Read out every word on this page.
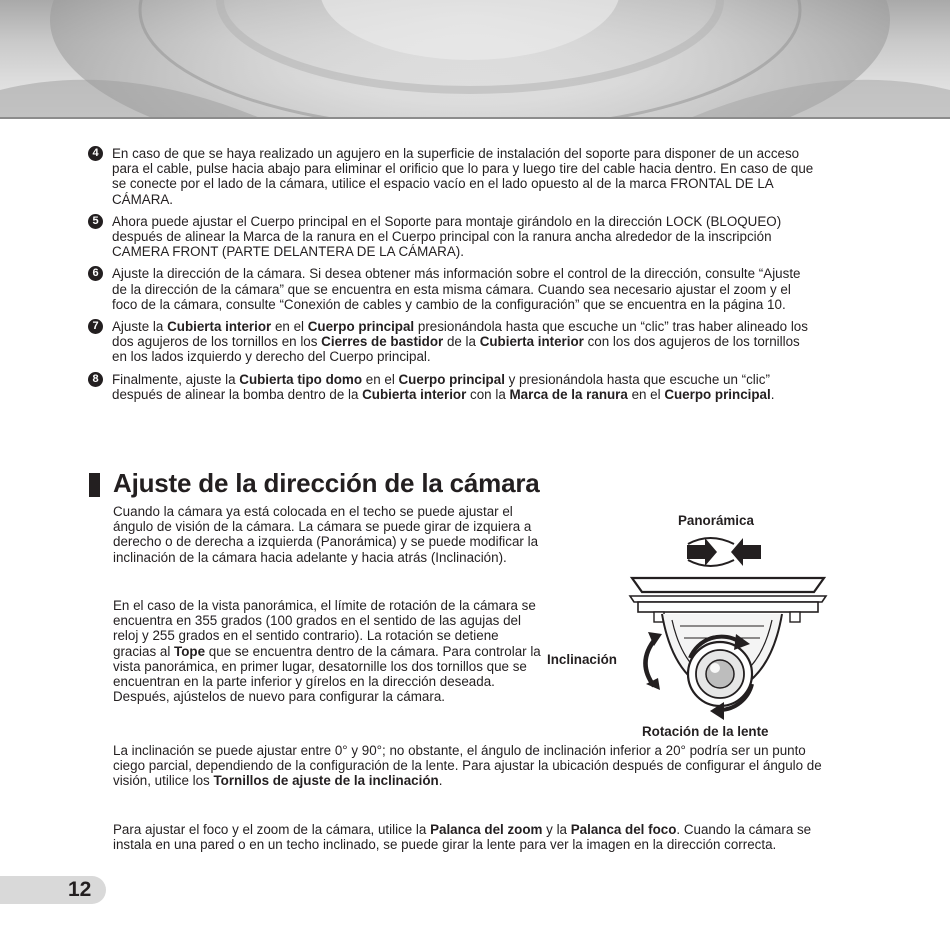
4	En caso de que se haya realizado un agujero en la superficie de instalación del soporte para disponer de un acceso para el cable, pulse hacia abajo para eliminar el orificio que lo para y luego tire del cable hacia dentro. En caso de que se conecte por el lado de la cámara, utilice el espacio vacío en el lado opuesto al de la marca FRONTAL DE LA CÁMARA.
5	Ahora puede ajustar el Cuerpo principal en el Soporte para montaje girándolo en la dirección LOCK (BLOQUEO) después de alinear la Marca de la ranura en el Cuerpo principal con la ranura ancha alrededor de la inscripción CAMERA FRONT (PARTE DELANTERA DE LA CÁMARA).
6	Ajuste la dirección de la cámara. Si desea obtener más información sobre el control de la dirección, consulte “Ajuste de la dirección de la cámara” que se encuentra en esta misma cámara. Cuando sea necesario ajustar el zoom y el foco de la cámara, consulte “Conexión de cables y cambio de la configuración” que se encuentra en la página 10.
7	Ajuste la Cubierta interior en el Cuerpo principal presionándola hasta que escuche un “clic” tras haber alineado los dos agujeros de los tornillos en los Cierres de bastidor de la Cubierta interior con los dos agujeros de los tornillos en los lados izquierdo y derecho del Cuerpo principal.
8	Finalmente, ajuste la Cubierta tipo domo en el Cuerpo principal y presionándola hasta que escuche un “clic” después de alinear la bomba dentro de la Cubierta interior con la Marca de la ranura en el Cuerpo principal.
Ajuste de la dirección de la cámara

Cuando la cámara ya está colocada en el techo se puede ajustar el ángulo de visión de la cámara. La cámara se puede girar de izquiera a derecho o de derecha a izquierda (Panorámica) y se puede modificar la inclinación de la cámara hacia adelante y hacia atrás (Inclinación).

En el caso de la vista panorámica, el límite de rotación de la cámara se encuentra en 355 grados (100 grados en el sentido de las agujas del reloj y 255 grados en el sentido contrario). La rotación se detiene gracias al Tope que se encuentra dentro de la cámara. Para controlar la vista panorámica, en primer lugar, desatornille los dos tornillos que se encuentran en la parte inferior y gírelos en la dirección deseada. Después, ajústelos de nuevo para configurar la cámara.

La inclinación se puede ajustar entre 0° y 90°; no obstante, el ángulo de inclinación inferior a 20° podría ser un punto ciego parcial, dependiendo de la configuración de la lente. Para ajustar la ubicación después de configurar el ángulo de visión, utilice los Tornillos de ajuste de la inclinación.

Para ajustar el foco y el zoom de la cámara, utilice la Palanca del zoom y la Palanca del foco. Cuando la cámara se instala en una pared o en un techo inclinado, se puede girar la lente para ver la imagen en la dirección correcta.

Panorámica
Inclinación
Rotación de la lente
12
